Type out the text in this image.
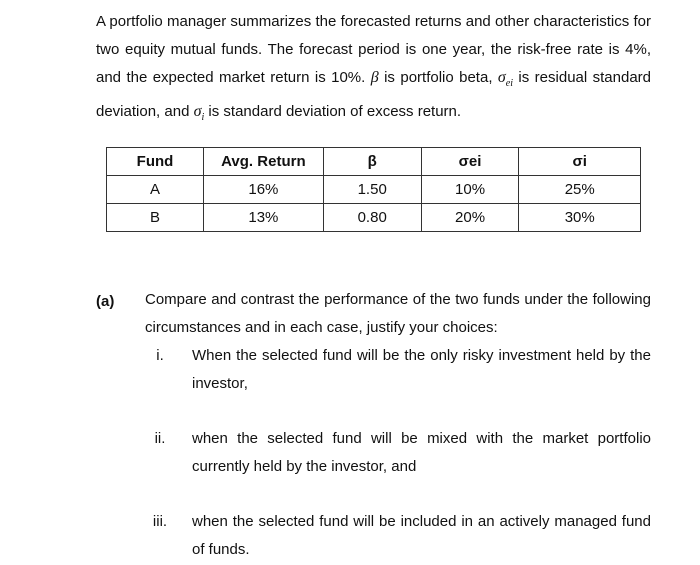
A portfolio manager summarizes the forecasted returns and other characteristics for two equity mutual funds. The forecast period is one year, the risk-free rate is 4%, and the expected market return is 10%. β is portfolio beta, $\sigma_{ei}$ is residual standard deviation, and $\sigma_i$ is standard deviation of excess return.

Fund	Avg. Return	β	σei	σi
A	16%	1.50	10%	25%
B	13%	0.80	20%	30%
(a) Compare and contrast the performance of the two funds under the following circumstances and in each case, justify your choices:

i.	When the selected fund will be the only risky investment held by the investor,

ii.	when the selected fund will be mixed with the market portfolio currently held by the investor, and

iii.	when the selected fund will be included in an actively managed fund of funds.
